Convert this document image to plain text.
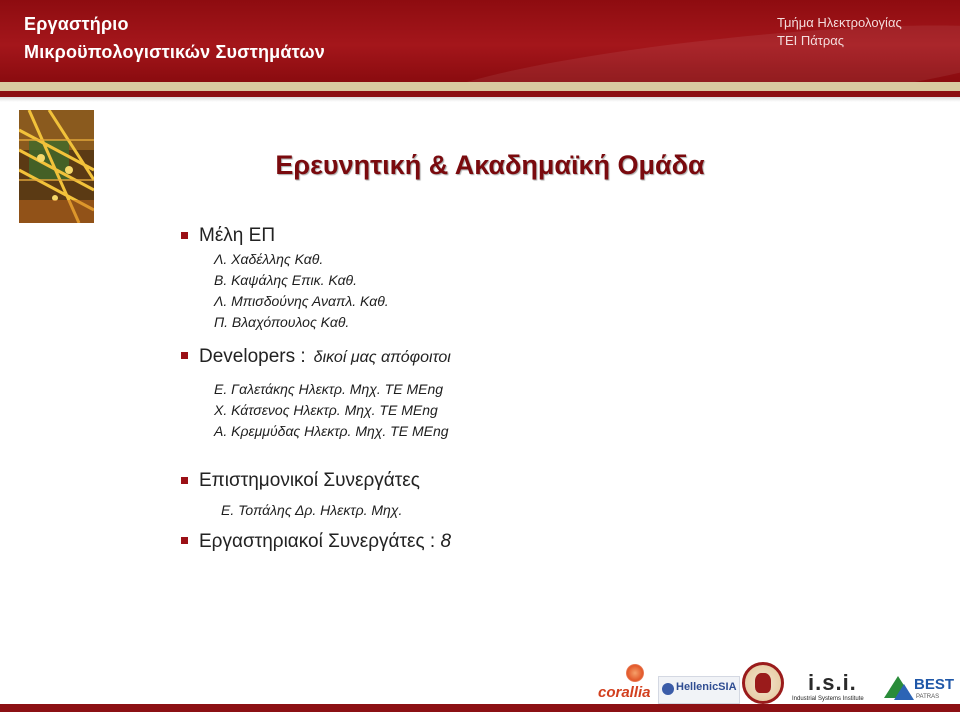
Εργαστήριο
Μικροϋπολογιστικών Συστημάτων
Τμήμα Ηλεκτρολογίας
ΤΕΙ Πάτρας
Ερευνητική & Ακαδημαϊκή Ομάδα
Μέλη ΕΠ
Λ. Χαδέλλης Καθ.
Β. Καψάλης Επικ. Καθ.
Λ. Μπισδούνης Αναπλ. Καθ.
Π. Βλαχόπουλος Καθ.
Developers : δικοί μας απόφοιτοι
Ε. Γαλετάκης Ηλεκτρ. Μηχ. ΤΕ MEng
Χ. Κάτσενος Ηλεκτρ. Μηχ. ΤΕ MEng
Α. Κρεμμύδας Ηλεκτρ. Μηχ. ΤΕ MEng
Επιστημονικοί Συνεργάτες
Ε. Τοπάλης Δρ. Ηλεκτρ. Μηχ.
Εργαστηριακοί Συνεργάτες : 8
corallia HellenicSIA	i.s.i.
Industrial Systems Institute
BEST
PATRAS
